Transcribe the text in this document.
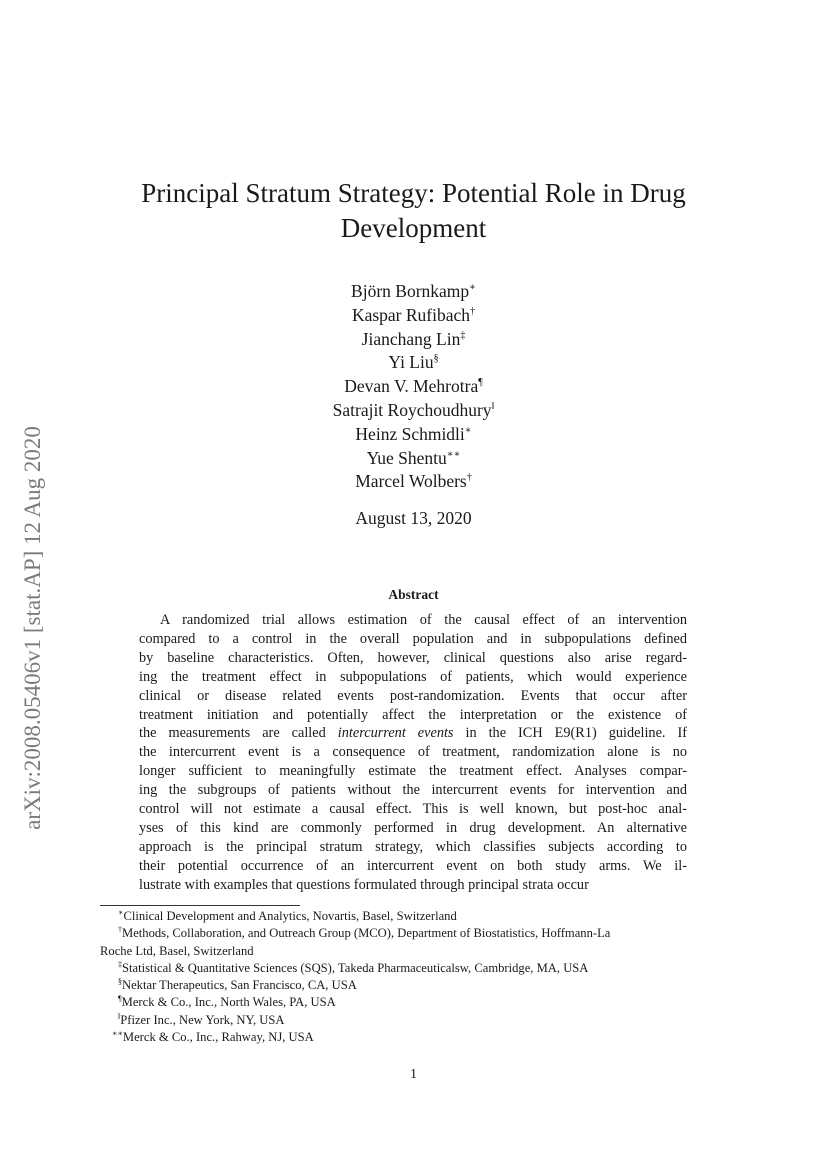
arXiv:2008.05406v1 [stat.AP] 12 Aug 2020
Principal Stratum Strategy: Potential Role in Drug
Development
Björn Bornkamp∗
Kaspar Rufibach†
Jianchang Lin‡
Yi Liu§
Devan V. Mehrotra¶
Satrajit Roychoudhury‖
Heinz Schmidli∗
Yue Shentu∗∗
Marcel Wolbers†
August 13, 2020
Abstract
A randomized trial allows estimation of the causal effect of an intervention
compared to a control in the overall population and in subpopulations defined
by baseline characteristics. Often, however, clinical questions also arise regard-
ing the treatment effect in subpopulations of patients, which would experience
clinical or disease related events post-randomization. Events that occur after
treatment initiation and potentially affect the interpretation or the existence of
the measurements are called intercurrent events in the ICH E9(R1) guideline. If
the intercurrent event is a consequence of treatment, randomization alone is no
longer sufficient to meaningfully estimate the treatment effect. Analyses compar-
ing the subgroups of patients without the intercurrent events for intervention and
control will not estimate a causal effect. This is well known, but post-hoc anal-
yses of this kind are commonly performed in drug development. An alternative
approach is the principal stratum strategy, which classifies subjects according to
their potential occurrence of an intercurrent event on both study arms. We il-
lustrate with examples that questions formulated through principal strata occur
∗Clinical Development and Analytics, Novartis, Basel, Switzerland
†Methods, Collaboration, and Outreach Group (MCO), Department of Biostatistics, Hoffmann-La
Roche Ltd, Basel, Switzerland
‡Statistical & Quantitative Sciences (SQS), Takeda Pharmaceuticalsw, Cambridge, MA, USA
§Nektar Therapeutics, San Francisco, CA, USA
¶Merck & Co., Inc., North Wales, PA, USA
‖Pfizer Inc., New York, NY, USA
∗∗Merck & Co., Inc., Rahway, NJ, USA
1
